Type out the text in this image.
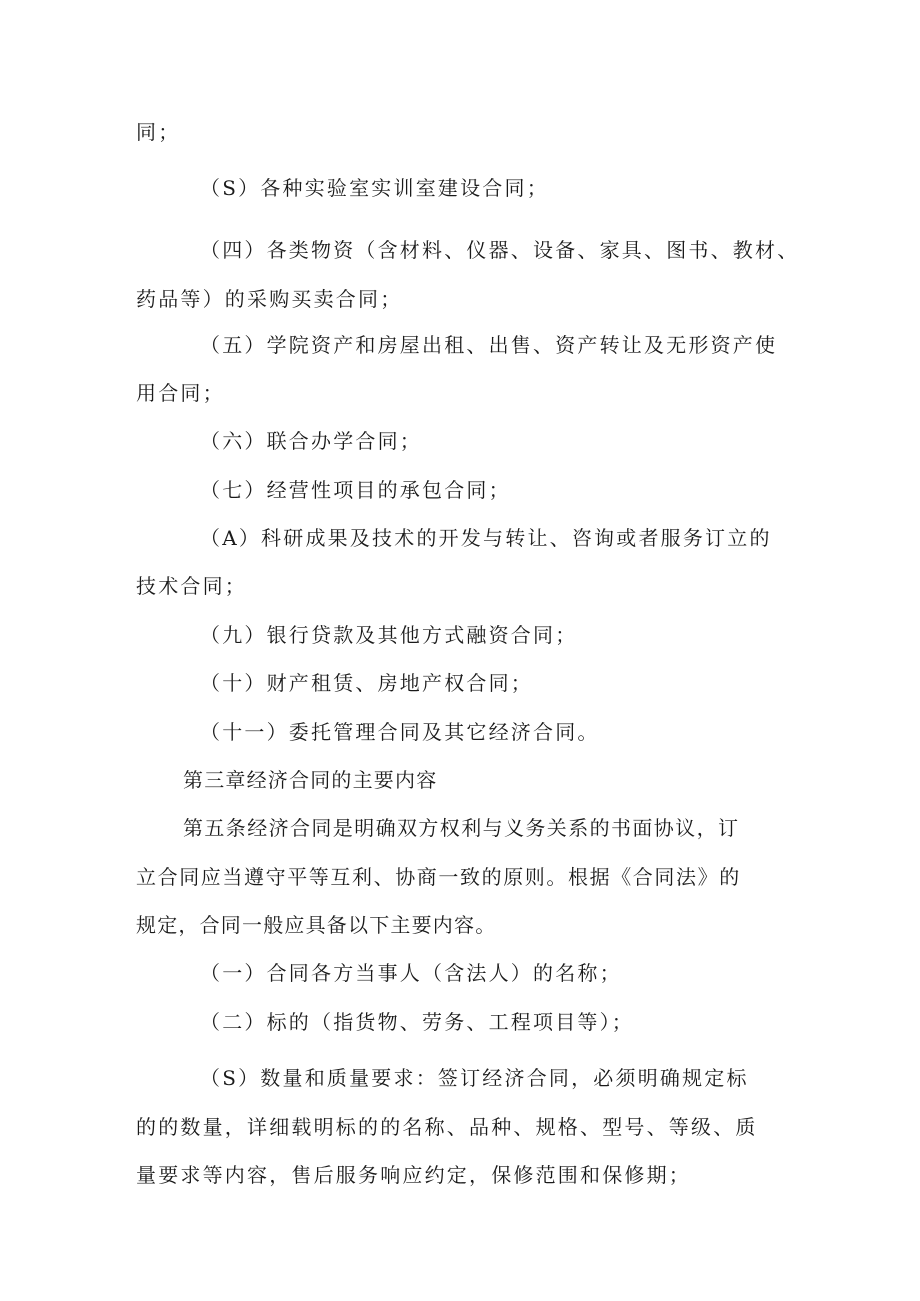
同；
（S）各种实验室实训室建设合同；
（四）各类物资（含材料、仪器、设备、家具、图书、教材、
药品等）的采购买卖合同；
（五）学院资产和房屋出租、出售、资产转让及无形资产使
用合同；
（六）联合办学合同；
（七）经营性项目的承包合同；
（A）科研成果及技术的开发与转让、咨询或者服务订立的
技术合同；
（九）银行贷款及其他方式融资合同；
（十）财产租赁、房地产权合同；
（十一）委托管理合同及其它经济合同。
第三章经济合同的主要内容
第五条经济合同是明确双方权利与义务关系的书面协议，订
立合同应当遵守平等互利、协商一致的原则。根据《合同法》的
规定，合同一般应具备以下主要内容。
（一）合同各方当事人（含法人）的名称；
（二）标的（指货物、劳务、工程项目等）；
（S）数量和质量要求：签订经济合同，必须明确规定标
的的数量，详细载明标的的名称、品种、规格、型号、等级、质
量要求等内容，售后服务响应约定，保修范围和保修期；
